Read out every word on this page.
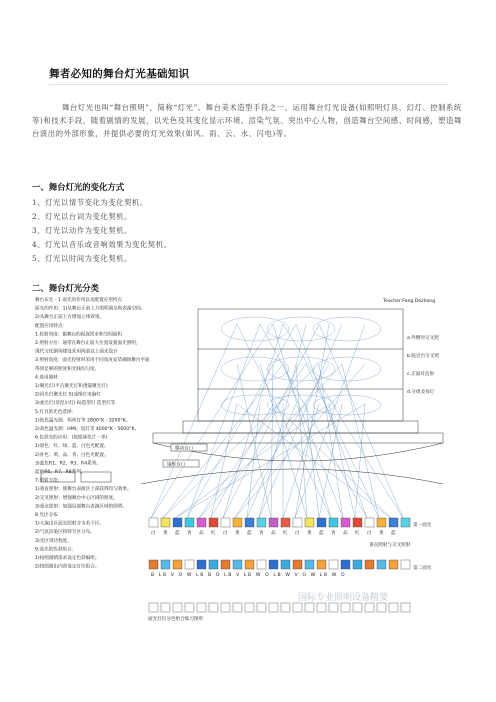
舞者必知的舞台灯光基础知识
舞台灯光也叫“舞台照明”，简称“灯光”。舞台美术造型手段之一。运用舞台灯光设备(如照明灯具、幻灯、控制系统等)和技术手段，随着剧情的发展，以光色及其变化显示环境、渲染气氛、突出中心人物，创造舞台空间感、时间感，塑造舞台演出的外部形象，并提供必要的灯光效果(如风、雨、云、水、闪电)等。
一、舞台灯光的变化方式
1、灯光以情节变化为变化契机。
2、灯光以台词为变化契机。
3、灯光以动作为变化契机。
4、灯光以音乐或音响效果为变化契机。
5、灯光以时间为变化契机。
二、舞台灯光分类
Teacher:Feng Dezhong
舞台布光 - 1 面光的作用以及配置应用特点
面光的作用：1)从舞台正前上方照明演员和表演空间。
2)从舞台正前上方增加立体效果。
配置应用特点：
1.投射角度：据舞台的纵深需求和空间面积
2.照射方位：通常在舞台正面大位置设置面光照明，
现代文化剧场建设采用两道以上面光设计
3.照射角度：面光投射时采用不同角度安装确保舞台平面
得到足够的照度和光线均匀度。
4.选用器材：
1)聚光灯(平凸聚光灯和透镜聚光灯)
2)回光灯聚光灯 5)成像灯电脑灯
3)柔光灯(菲涅尔灯) 6)造型灯 造型灯等
5.灯具的光色选择：
1)低色温光源：钨丝灯等 2800°K - 3200°K。
2)高色温光源：HMI、氙灯等 4000°K - 5600°K。
6.色彩光的应用：(按照颜色片一等)
1)原色：红、绿、蓝、白色光配置。
2)补色：黄、品、青、白色光配置。
3)蓝色R1、R2、R3、R4系列。
蓝色R6、R7、R8系列。
7.照射方法：
1)垂直照射：使舞台表演区上部获得均匀效果。
2)交叉照射：增强舞台中心区域的照度。
3)重点照射：加强局部舞台表演区域的照明。
8.光区分布：
1)大演出区面光照射分为若干区。
2)气氛渲染区和特写区分布。
3)光区到达程度。
9.面光的色彩组合：
1)按照剧情需求设定色彩编组。
2)按照演出内容设定灯位组合。
移动台口
镜框台口
a.外侧对交叉照
b.临近台交叉照
c.正面对直射
d.分组及每灯
白 黄 蓝 青 品 红 白 黄 蓝 青 品 红 白 黄 蓝 青 品 红 白 黄 蓝
第一面光
垂直照射与交叉照射
B LB V O W LB B O LB V LB W O LB W V O W LB W O
第二面光
面光灯位分色组合练习图形
国际专业照明设备精要
